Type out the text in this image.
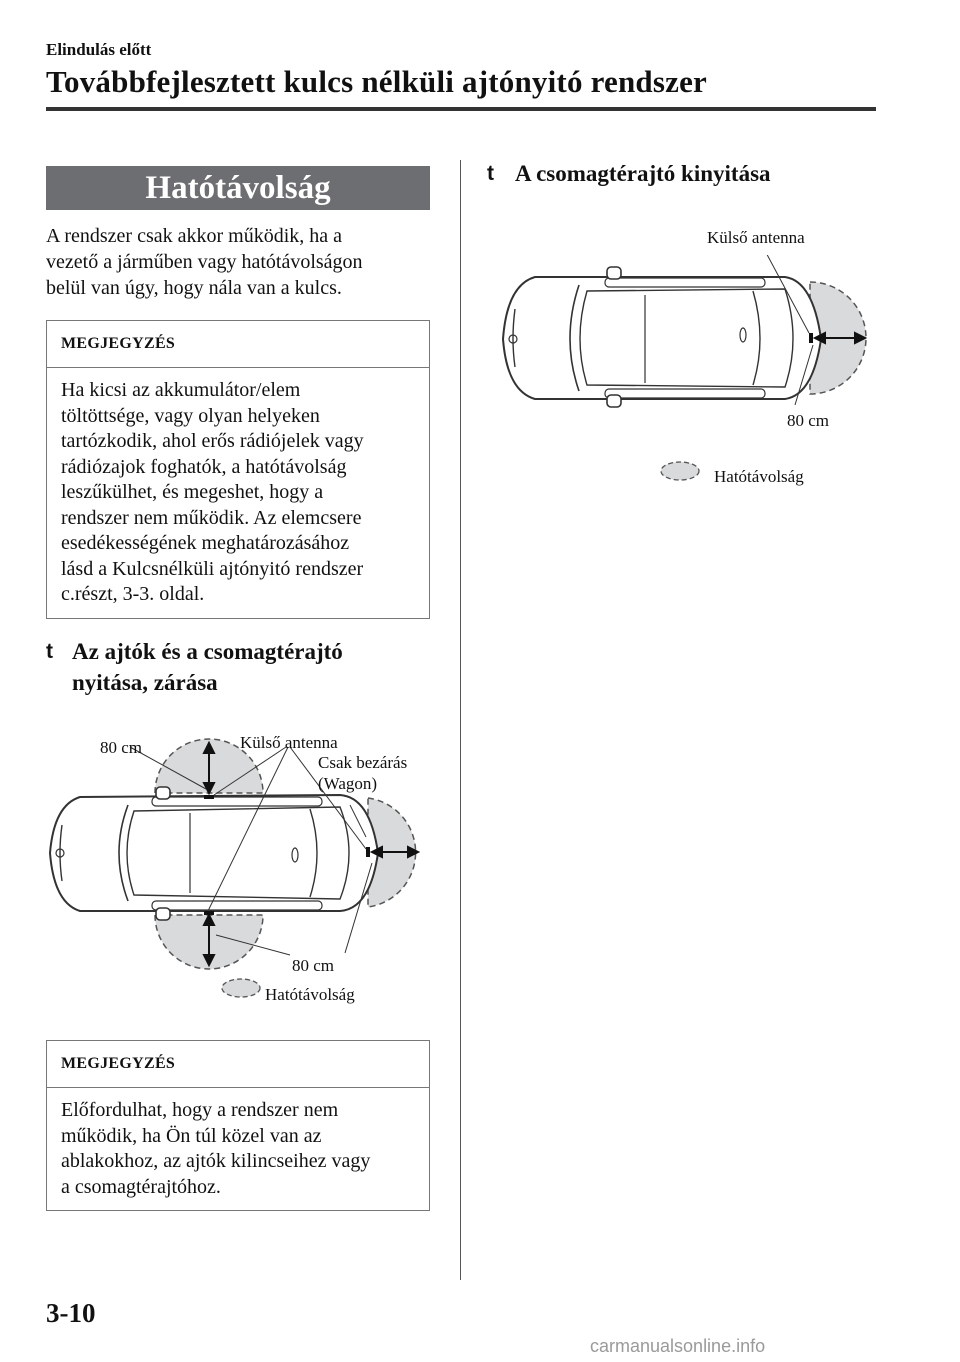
Elindulás előtt
Továbbfejlesztett kulcs nélküli ajtónyitó rendszer
Hatótávolság
A rendszer csak akkor működik, ha a
vezető a járműben vagy hatótávolságon
belül van úgy, hogy nála van a kulcs.
MEGJEGYZÉS
Ha kicsi az akkumulátor/elem
töltöttsége, vagy olyan helyeken
tartózkodik, ahol erős rádiójelek vagy
rádiózajok foghatók, a hatótávolság
leszűkülhet, és megeshet, hogy a
rendszer nem működik. Az elemcsere
esedékességének meghatározásához
lásd a Kulcsnélküli ajtónyitó rendszer
c.részt, 3-3. oldal.

t Az ajtók és a csomagtérajtó
nyitása, zárása

80 cm	Külső antenna
Csak bezárás
(Wagon)
80 cm
Hatótávolság
MEGJEGYZÉS
Előfordulhat, hogy a rendszer nem
működik, ha Ön túl közel van az
ablakokhoz, az ajtók kilincseihez vagy
a csomagtérajtóhoz.

t A csomagtérajtó kinyitása

Külső antenna
80 cm
Hatótávolság
3-10
carmanualsonline.info
